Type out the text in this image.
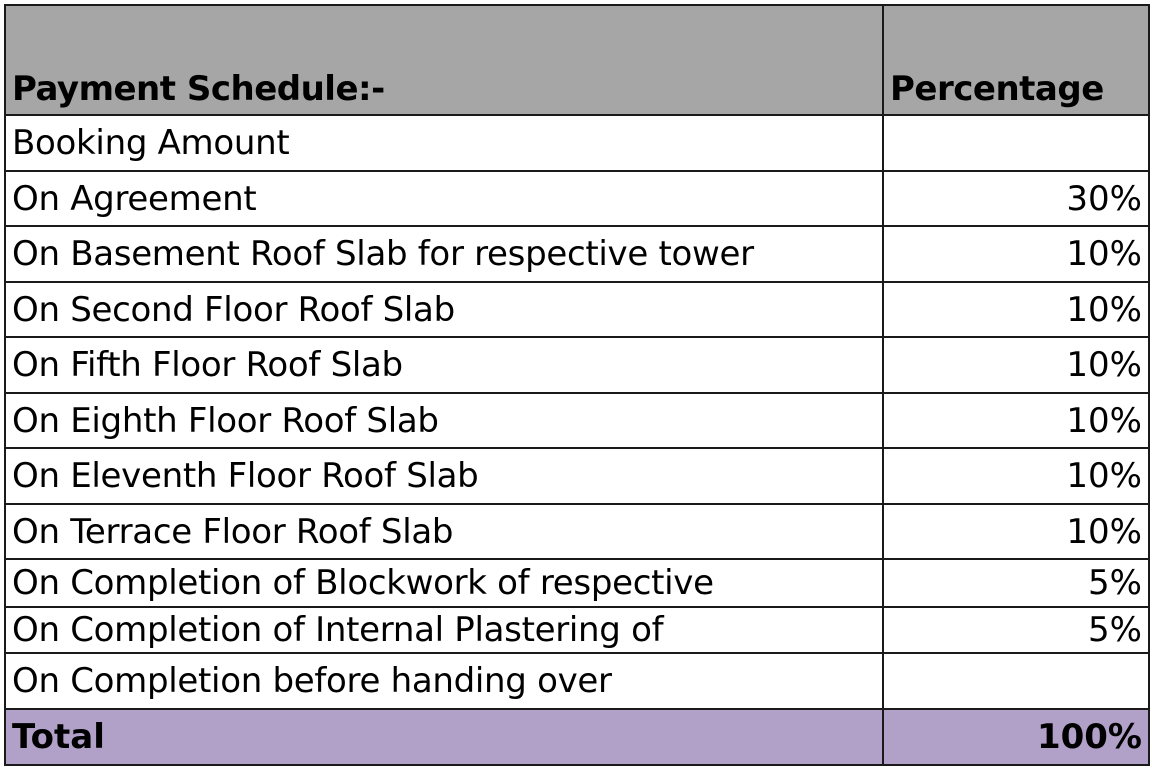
Payment Schedule:-	Percentage
Booking Amount	
On Agreement	30%
On Basement Roof Slab for respective tower	10%
On Second Floor Roof Slab	10%
On Fifth Floor Roof Slab	10%
On Eighth Floor Roof Slab	10%
On Eleventh Floor Roof Slab	10%
On Terrace Floor Roof Slab	10%
On Completion of Blockwork of respective	5%
On Completion of Internal Plastering of	5%
On Completion before handing over	
Total	100%
